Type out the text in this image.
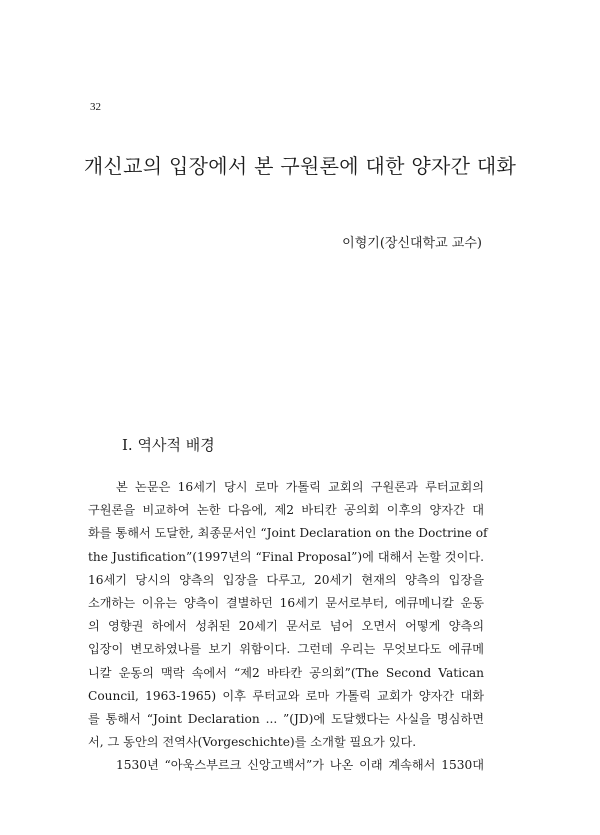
32
개신교의 입장에서 본 구원론에 대한 양자간 대화
이형기(장신대학교 교수)
I. 역사적 배경
본 논문은 16세기 당시 로마 가톨릭 교회의 구원론과 루터교회의
구원론을 비교하여 논한 다음에, 제2 바티칸 공의회 이후의 양자간 대
화를 통해서 도달한, 최종문서인 “Joint Declaration on the Doctrine of
the Justification”(1997년의 “Final Proposal”)에 대해서 논할 것이다.
16세기 당시의 양측의 입장을 다루고, 20세기 현재의 양측의 입장을
소개하는 이유는 양측이 결별하던 16세기 문서로부터, 에큐메니칼 운동
의 영향권 하에서 성취된 20세기 문서로 넘어 오면서 어떻게 양측의
입장이 변모하였나를 보기 위함이다. 그런데 우리는 무엇보다도 에큐메
니칼 운동의 맥락 속에서 “제2 바타칸 공의회”(The Second Vatican
Council, 1963-1965) 이후 루터교와 로마 가톨릭 교회가 양자간 대화
를 통해서 “Joint Declaration ... ”(JD)에 도달했다는 사실을 명심하면
서, 그 동안의 전역사(Vorgeschichte)를 소개할 필요가 있다.
1530년 “아욱스부르크 신앙고백서”가 나온 이래 계속해서 1530대
